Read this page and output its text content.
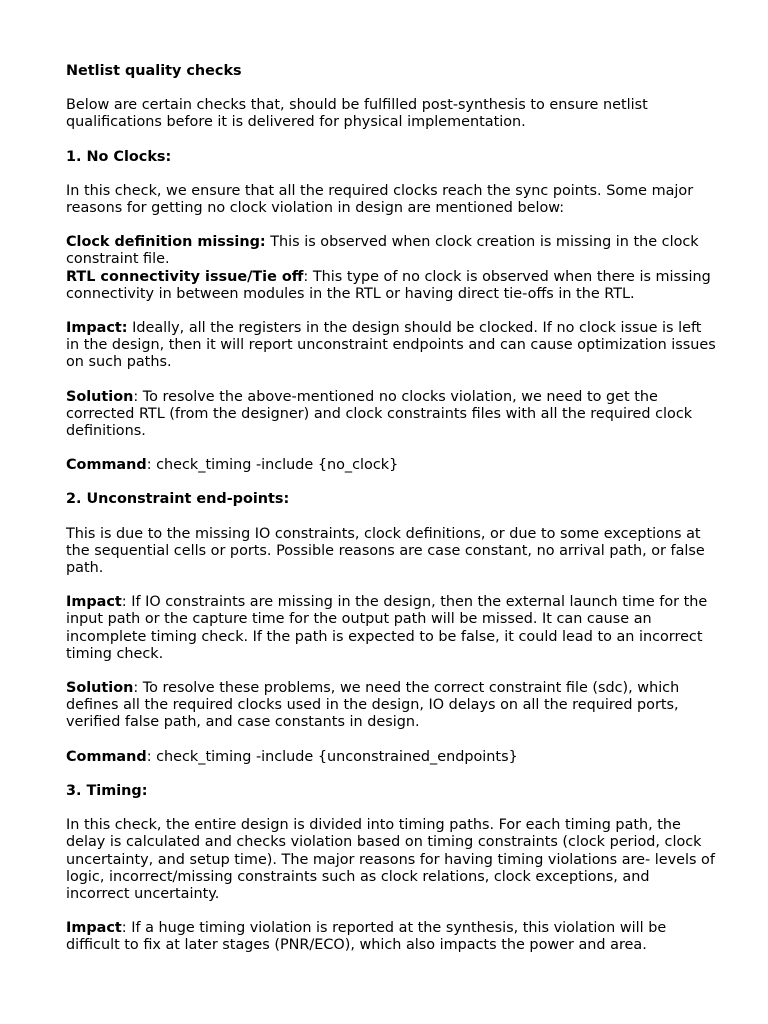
Netlist quality checks

Below are certain checks that, should be fulfilled post-synthesis to ensure netlist qualifications before it is delivered for physical implementation.

1. No Clocks:

In this check, we ensure that all the required clocks reach the sync points. Some major reasons for getting no clock violation in design are mentioned below:

Clock definition missing: This is observed when clock creation is missing in the clock constraint file.

RTL connectivity issue/Tie off: This type of no clock is observed when there is missing connectivity in between modules in the RTL or having direct tie-offs in the RTL.

Impact: Ideally, all the registers in the design should be clocked. If no clock issue is left in the design, then it will report unconstraint endpoints and can cause optimization issues on such paths.

Solution: To resolve the above-mentioned no clocks violation, we need to get the corrected RTL (from the designer) and clock constraints files with all the required clock definitions.

Command: check_timing -include {no_clock}

2. Unconstraint end-points:

This is due to the missing IO constraints, clock definitions, or due to some exceptions at the sequential cells or ports. Possible reasons are case constant, no arrival path, or false path.

Impact: If IO constraints are missing in the design, then the external launch time for the input path or the capture time for the output path will be missed. It can cause an incomplete timing check. If the path is expected to be false, it could lead to an incorrect timing check.

Solution: To resolve these problems, we need the correct constraint file (sdc), which defines all the required clocks used in the design, IO delays on all the required ports, verified false path, and case constants in design.

Command: check_timing -include {unconstrained_endpoints}

3. Timing:

In this check, the entire design is divided into timing paths. For each timing path, the delay is calculated and checks violation based on timing constraints (clock period, clock uncertainty, and setup time). The major reasons for having timing violations are- levels of logic, incorrect/missing constraints such as clock relations, clock exceptions, and incorrect uncertainty.

Impact: If a huge timing violation is reported at the synthesis, this violation will be difficult to fix at later stages (PNR/ECO), which also impacts the power and area.
